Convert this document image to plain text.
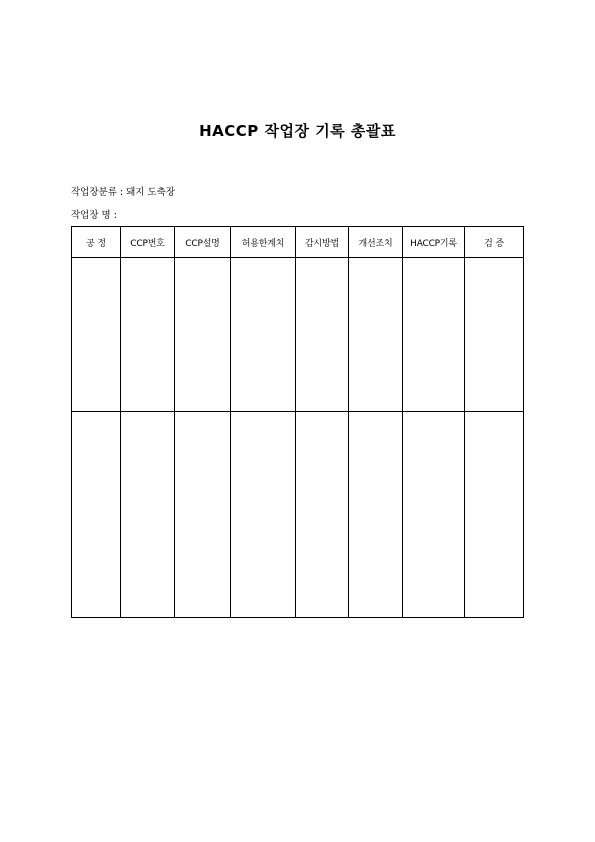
HACCP 작업장 기록 총괄표
작업장분류 : 돼지 도축장
작업장 명 :
공 정	CCP번호	CCP설명	허용한계치	감시방법	개선조치	HACCP기록	검 증
